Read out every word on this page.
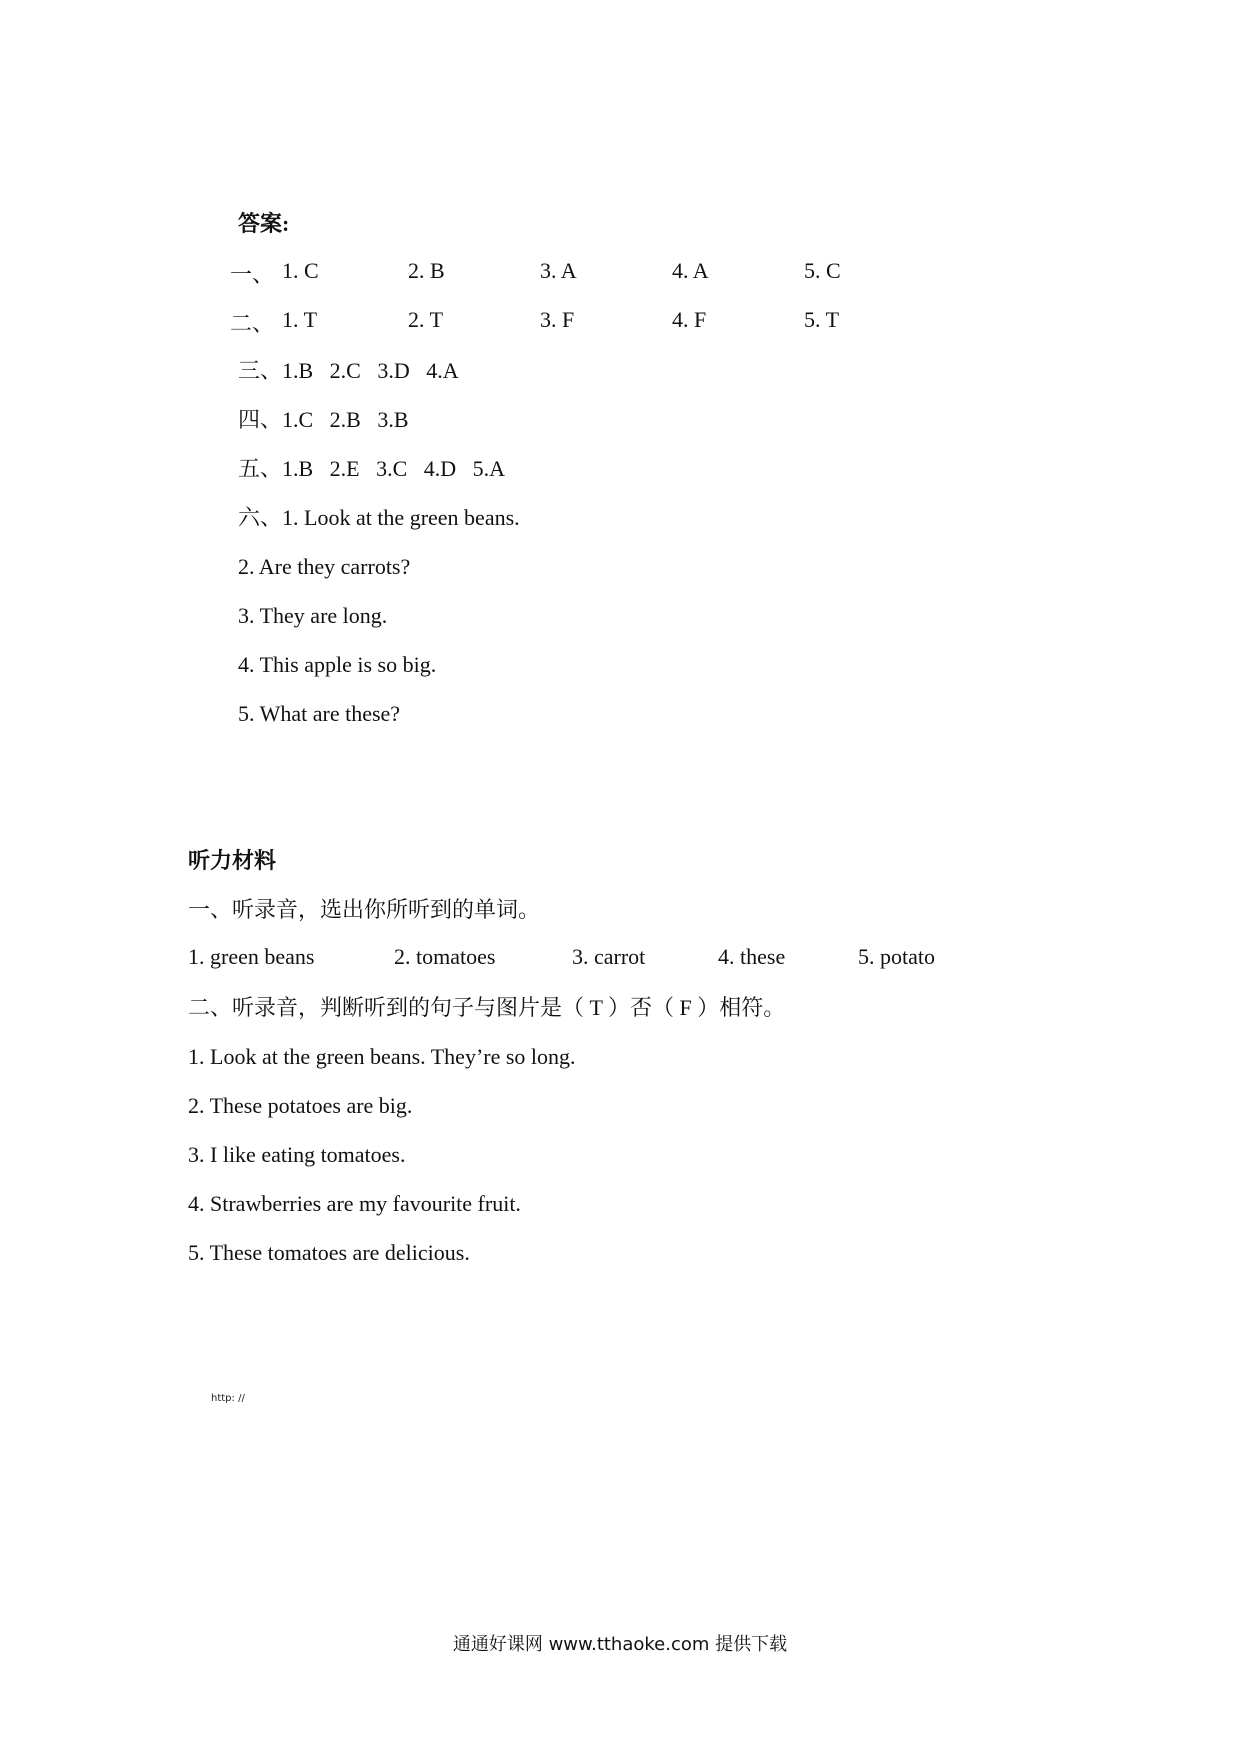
答案:
一、 1. C	2. B	3. A	4. A	5. C
二、 1. T	2. T	3. F	4. F	5. T
三、1.B   2.C   3.D   4.A
四、1.C   2.B   3.B
五、1.B   2.E   3.C   4.D   5.A
六、1. Look at the green beans.
2. Are they carrots?
3. They are long.
4. This apple is so big.
5. What are these?
听力材料
一、听录音，选出你所听到的单词。
1. green beans	2. tomatoes	3. carrot	4. these	5. potato
二、听录音，判断听到的句子与图片是（ T ）否（ F ）相符。
1. Look at the green beans. They’re so long.
2. These potatoes are big.
3. I like eating tomatoes.
4. Strawberries are my favourite fruit.
5. These tomatoes are delicious.
http: //
通通好课网 www.tthaoke.com 提供下载
